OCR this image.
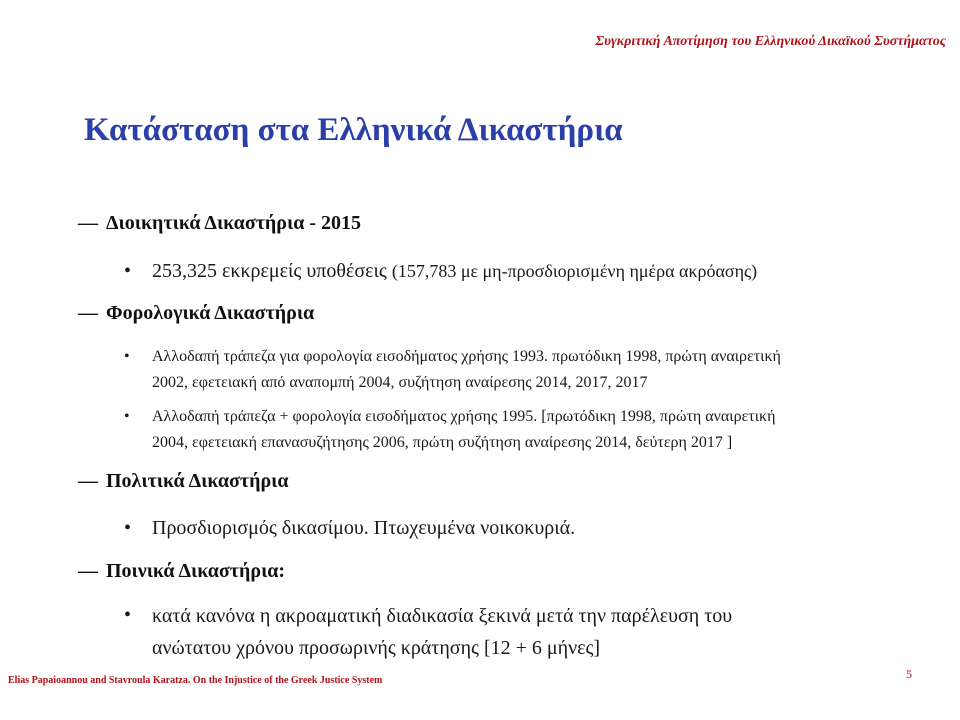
Συγκριτική Αποτίμηση του Ελληνικού Δικαϊκού Συστήματος
Κατάσταση στα Ελληνικά Δικαστήρια
— Διοικητικά Δικαστήρια - 2015
• 253,325 εκκρεμείς υποθέσεις (157,783 με μη-προσδιορισμένη ημέρα ακρόασης)
— Φορολογικά Δικαστήρια
• Αλλοδαπή τράπεζα για φορολογία εισοδήματος χρήσης 1993. πρωτόδικη 1998, πρώτη αναιρετική
2002, εφετειακή από αναπομπή 2004, συζήτηση αναίρεσης 2014, 2017, 2017
• Αλλοδαπή τράπεζα + φορολογία εισοδήματος χρήσης 1995. [πρωτόδικη 1998, πρώτη αναιρετική
2004, εφετειακή επανασυζήτησης 2006, πρώτη συζήτηση αναίρεσης 2014, δεύτερη 2017 ]
— Πολιτικά Δικαστήρια
• Προσδιορισμός δικασίμου. Πτωχευμένα νοικοκυριά.
— Ποινικά Δικαστήρια:
• κατά κανόνα η ακροαματική διαδικασία ξεκινά μετά την παρέλευση του
ανώτατου χρόνου προσωρινής κράτησης [12 + 6 μήνες]
Elias Papaioannou and Stavroula Karatza. On the Injustice of the Greek Justice System	5
